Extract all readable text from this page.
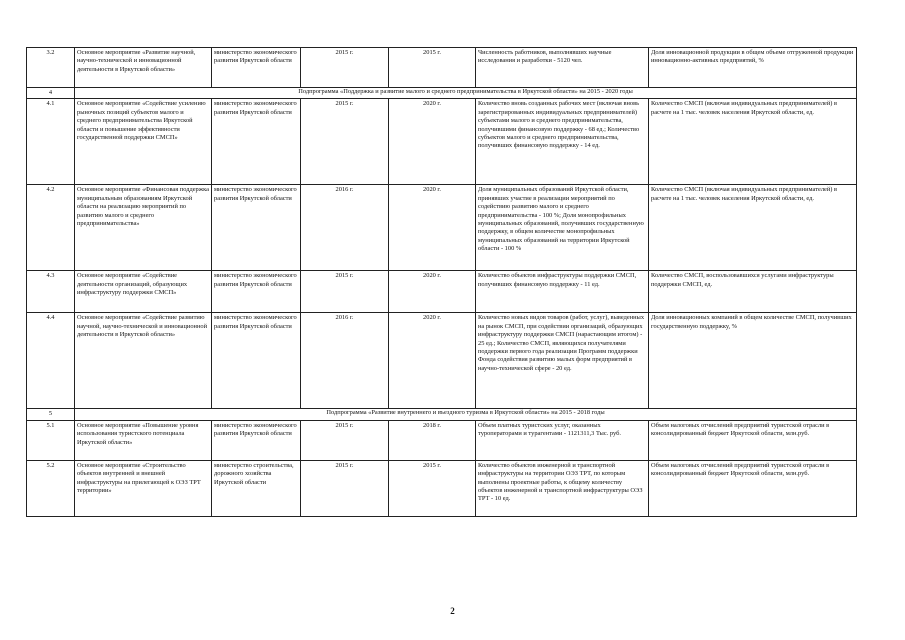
3.2	Основное мероприятие «Развитие научной, научно-технической и инновационной деятельности в Иркутской области»	министерство экономического развития Иркутской области	2015 г.	2015 г.	Численность работников, выполнявших научные исследования и разработки - 5120 чел.	Доля инновационной продукции в общем объеме отгруженной продукции инновационно-активных предприятий, %
4	Подпрограмма «Поддержка и развитие малого и среднего предпринимательства в Иркутской области» на 2015 - 2020 годы					
4.1	Основное мероприятие «Содействие усилению рыночных позиций субъектов малого и среднего предпринимательства Иркутской области и повышение эффективности государственной поддержки СМСП»	министерство экономического развития Иркутской области	2015 г.	2020 г.	Количество вновь созданных рабочих мест (включая вновь зарегистрированных индивидуальных предпринимателей) субъектами малого и среднего предпринимательства, получившими финансовую поддержку - 68 ед.; Количество субъектов малого и среднего предпринимательства, получивших финансовую поддержку - 14 ед.	Количество СМСП (включая индивидуальных предпринимателей) в расчете на 1 тыс. человек населения Иркутской области, ед.
4.2	Основное мероприятие «Финансовая поддержка муниципальным образованиям Иркутской области на реализацию мероприятий по развитию малого и среднего предпринимательства»	министерство экономического развития Иркутской области	2016 г.	2020 г.	Доля муниципальных образований Иркутской области, принявших участие в реализации мероприятий по содействию развитию малого и среднего предпринимательства - 100 %; Доля монопрофильных муниципальных образований, получивших государственную поддержку, в общем количестве монопрофильных муниципальных образований на территории Иркутской области - 100 %	Количество СМСП (включая индивидуальных предпринимателей) в расчете на 1 тыс. человек населения Иркутской области, ед.
4.3	Основное мероприятие «Содействие деятельности организаций, образующих инфраструктуру поддержки СМСП»	министерство экономического развития Иркутской области	2015 г.	2020 г.	Количество объектов инфраструктуры поддержки СМСП, получивших финансовую поддержку - 11 ед.	Количество СМСП, воспользовавшихся услугами инфраструктуры поддержки СМСП, ед.
4.4	Основное мероприятие «Содействие развитию научной, научно-технической и инновационной деятельности в Иркутской области»	министерство экономического развития Иркутской области	2016 г.	2020 г.	Количество новых видов товаров (работ, услуг), выведенных на рынок СМСП, при содействии организаций, образующих инфраструктуру поддержки СМСП (нарастающим итогом) - 25 ед.; Количество СМСП, являющихся получателями поддержки первого года реализации Программ поддержки Фонда содействия развитию малых форм предприятий в научно-технической сфере - 20 ед.	Доля инновационных компаний в общем количестве СМСП, получивших государственную поддержку, %
5	Подпрограмма «Развитие внутреннего и въездного туризма в Иркутской области» на 2015 - 2018 годы					
5.1	Основное мероприятие «Повышение уровня использования туристского потенциала Иркутской области»	министерство экономического развития Иркутской области	2015 г.	2018 г.	Объем платных туристских услуг, оказанных туроператорами и турагентами - 1121311,3 Тыс. руб.	Объем налоговых отчислений предприятий туристской отрасли в консолидированный бюджет Иркутской области, млн.руб.
5.2	Основное мероприятие «Строительство объектов внутренней и внешней инфраструктуры на прилегающей к ОЭЗ ТРТ территории»	министерство строительства, дорожного хозяйства Иркутской области	2015 г.	2015 г.	Количество объектов инженерной и транспортной инфраструктуры на территории ОЭЗ ТРТ, по которым выполнены проектные работы, к общему количеству объектов инженерной и транспортной инфраструктуры ОЭЗ ТРТ - 10 ед.	Объем налоговых отчислений предприятий туристской отрасли в консолидированный бюджет Иркутской области, млн.руб.
2
